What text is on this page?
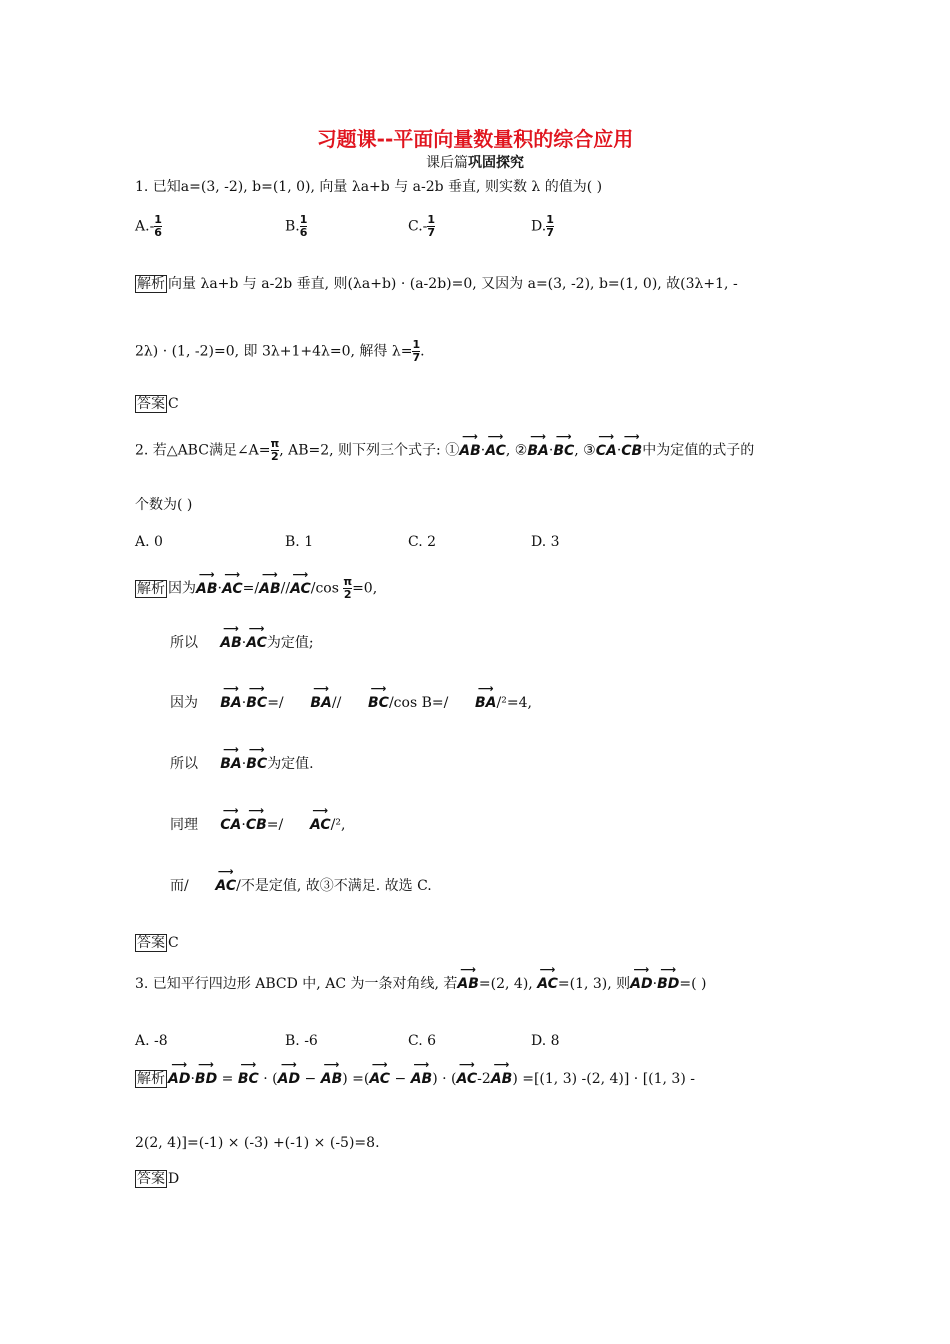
习题课--平面向量数量积的综合应用
课后篇巩固探究
1. 已知a=(3, -2), b=(1, 0), 向量 λa+b 与 a-2b 垂直, 则实数 λ 的值为( )
$A.- \frac{1}{6}$	B. $\frac{1}{6}$	$C.- \frac{1}{7}$	D. $\frac{1}{7}$
解析 向量 λa+b 与 a-2b 垂直, 则(λa+b) · (a-2b)=0, 又因为 a=(3, -2), b=(1, 0), 故(3λ+1, -
2λ) · (1, -2)=0, 即 3λ+1+4λ=0, 解得 $\lambda= \frac{1}{7}$ .
答案 C
2. 若△ABC满足∠A= $\frac{\pi}{2}$ , AB=2, 则下列三个式子: ①AB
⟶
·AC
⟶
, ②BA
⟶
·BC
⟶
, ③CA
⟶
·CB
⟶
中为定值的式子的
个数为( )
A. 0	B. 1	C. 2	D. 3
解析 因为AB
⟶
·AC
⟶
=/AB
⟶
//AC
⟶
$/\cos \frac{\pi}{2} =0$,
所以 AB
⟶
·AC
⟶
为定值;
因为 BA
⟶
·BC
⟶
=/ BA
⟶
// BC
⟶
/cos B=/ BA
⟶
/²=4,
所以 BA
⟶
·BC
⟶
为定值.
同理 CA
⟶
·CB
⟶
=/ AC
⟶
/²,
而/ AC
⟶
/不是定值, 故③不满足. 故选 C.
答案 C
3. 已知平行四边形 ABCD 中, AC 为一条对角线, 若AB
⟶
=(2, 4), AC
⟶
=(1, 3), 则AD
⟶
·BD
⟶
=( )
A. -8	B. -6	C. 6	D. 8
解析 AD
⟶
·BD
⟶
= BC
⟶
· (AD
⟶
− AB
⟶
) =(AC
⟶
− AB
⟶
) · (AC
⟶
-2AB
⟶
) =[(1, 3) -(2, 4)] · [(1, 3) -
2(2, 4)]=(-1) × (-3) +(-1) × (-5)=8.
答案 D
